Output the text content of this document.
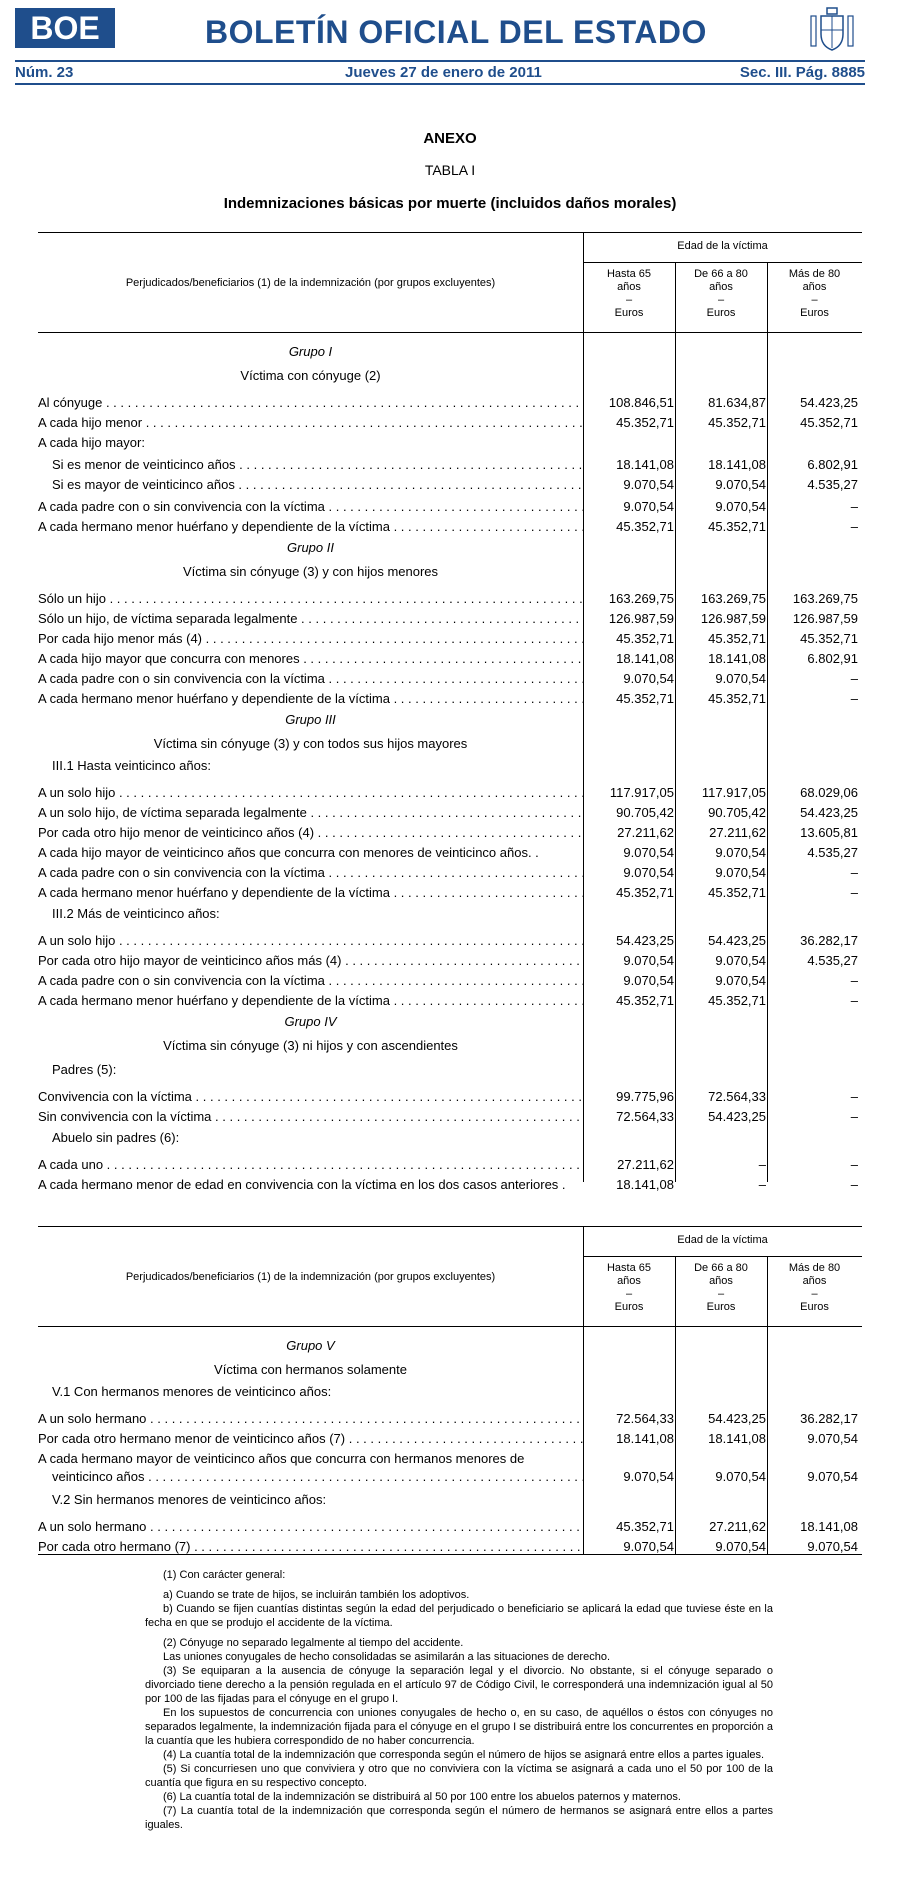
BOE	BOLETÍN OFICIAL DEL ESTADO
Núm. 23	Jueves 27 de enero de 2011	Sec. III. Pág. 8885
ANEXO
TABLA I
Indemnizaciones básicas por muerte (incluidos daños morales)
Perjudicados/beneficiarios (1) de la indemnización (por grupos excluyentes)
Edad de la víctima
Hasta 65
años
–
Euros
De 66 a 80
años
–
Euros
Más de 80
años
–
Euros
Grupo I
Víctima con cónyuge (2)
Al cónyuge . . .	108.846,51	81.634,87	54.423,25
A cada hijo menor . . .	45.352,71	45.352,71	45.352,71
A cada hijo mayor:
Si es menor de veinticinco años . . .	18.141,08	18.141,08	6.802,91
Si es mayor de veinticinco años . . .	9.070,54	9.070,54	4.535,27
A cada padre con o sin convivencia con la víctima . . .	9.070,54	9.070,54	–
A cada hermano menor huérfano y dependiente de la víctima . . .	45.352,71	45.352,71	–
Grupo II
Víctima sin cónyuge (3) y con hijos menores
Sólo un hijo . . .	163.269,75	163.269,75	163.269,75
Sólo un hijo, de víctima separada legalmente . . .	126.987,59	126.987,59	126.987,59
Por cada hijo menor más (4) . . .	45.352,71	45.352,71	45.352,71
A cada hijo mayor que concurra con menores . . .	18.141,08	18.141,08	6.802,91
A cada padre con o sin convivencia con la víctima . . .	9.070,54	9.070,54	–
A cada hermano menor huérfano y dependiente de la víctima . . .	45.352,71	45.352,71	–
Grupo III
Víctima sin cónyuge (3) y con todos sus hijos mayores
III.1 Hasta veinticinco años:
A un solo hijo . . .	117.917,05	117.917,05	68.029,06
A un solo hijo, de víctima separada legalmente . . .	90.705,42	90.705,42	54.423,25
Por cada otro hijo menor de veinticinco años (4) . . .	27.211,62	27.211,62	13.605,81
A cada hijo mayor de veinticinco años que concurra con menores de veinticinco años. .	9.070,54	9.070,54	4.535,27
A cada padre con o sin convivencia con la víctima . . .	9.070,54	9.070,54	–
A cada hermano menor huérfano y dependiente de la víctima . . .	45.352,71	45.352,71	–
III.2 Más de veinticinco años:
A un solo hijo . . .	54.423,25	54.423,25	36.282,17
Por cada otro hijo mayor de veinticinco años más (4) . . .	9.070,54	9.070,54	4.535,27
A cada padre con o sin convivencia con la víctima . . .	9.070,54	9.070,54	–
A cada hermano menor huérfano y dependiente de la víctima . . .	45.352,71	45.352,71	–
Grupo IV
Víctima sin cónyuge (3) ni hijos y con ascendientes
Padres (5):
Convivencia con la víctima . . .	99.775,96	72.564,33	–
Sin convivencia con la víctima . . .	72.564,33	54.423,25	–
Abuelo sin padres (6):
A cada uno . . .	27.211,62	–	–
A cada hermano menor de edad en convivencia con la víctima en los dos casos anteriores .	18.141,08	–	–
Perjudicados/beneficiarios (1) de la indemnización (por grupos excluyentes)
Edad de la víctima
Hasta 65
años
–
Euros
De 66 a 80
años
–
Euros
Más de 80
años
–
Euros
Grupo V
Víctima con hermanos solamente
V.1 Con hermanos menores de veinticinco años:
A un solo hermano . . .	72.564,33	54.423,25	36.282,17
Por cada otro hermano menor de veinticinco años (7) . . .	18.141,08	18.141,08	9.070,54
A cada hermano mayor de veinticinco años que concurra con hermanos menores de
veinticinco años . . .	9.070,54	9.070,54	9.070,54
V.2 Sin hermanos menores de veinticinco años:
A un solo hermano . . .	45.352,71	27.211,62	18.141,08
Por cada otro hermano (7) . . .	9.070,54	9.070,54	9.070,54

(1) Con carácter general:

a) Cuando se trate de hijos, se incluirán también los adoptivos.

b) Cuando se fijen cuantías distintas según la edad del perjudicado o beneficiario se aplicará la edad que tuviese éste en la fecha en que se produjo el accidente de la víctima.

(2) Cónyuge no separado legalmente al tiempo del accidente.

Las uniones conyugales de hecho consolidadas se asimilarán a las situaciones de derecho.

(3) Se equiparan a la ausencia de cónyuge la separación legal y el divorcio. No obstante, si el cónyuge separado o divorciado tiene derecho a la pensión regulada en el artículo 97 de Código Civil, le corresponderá una indemnización igual al 50 por 100 de las fijadas para el cónyuge en el grupo I.

En los supuestos de concurrencia con uniones conyugales de hecho o, en su caso, de aquéllos o éstos con cónyuges no separados legalmente, la indemnización fijada para el cónyuge en el grupo I se distribuirá entre los concurrentes en proporción a la cuantía que les hubiera correspondido de no haber concurrencia.

(4) La cuantía total de la indemnización que corresponda según el número de hijos se asignará entre ellos a partes iguales.

(5) Si concurriesen uno que conviviera y otro que no conviviera con la víctima se asignará a cada uno el 50 por 100 de la cuantía que figura en su respectivo concepto.

(6) La cuantía total de la indemnización se distribuirá al 50 por 100 entre los abuelos paternos y maternos.

(7) La cuantía total de la indemnización que corresponda según el número de hermanos se asignará entre ellos a partes iguales.
